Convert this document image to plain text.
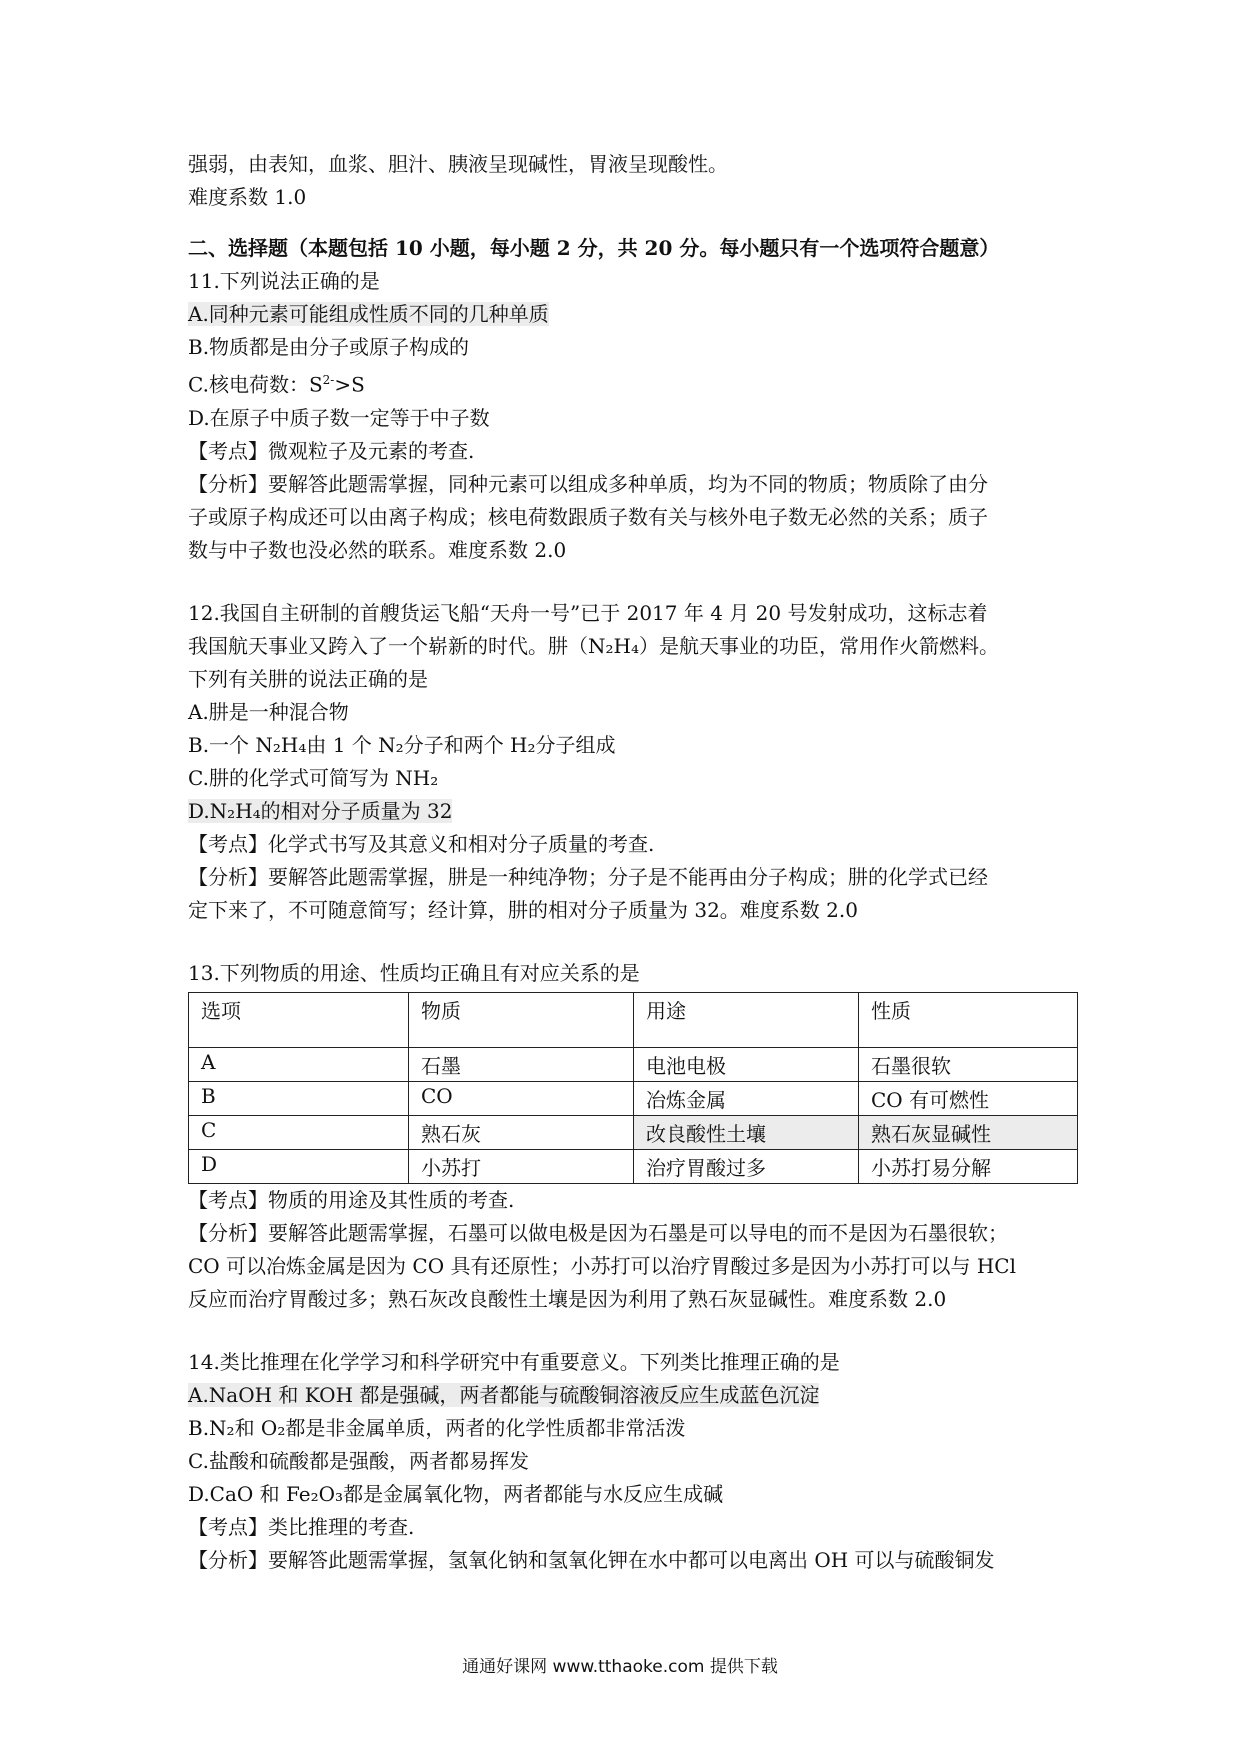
强弱，由表知，血浆、胆汁、胰液呈现碱性，胃液呈现酸性。
难度系数 1.0
二、选择题（本题包括 10 小题，每小题 2 分，共 20 分。每小题只有一个选项符合题意）
11.下列说法正确的是
A.同种元素可能组成性质不同的几种单质
B.物质都是由分子或原子构成的
C.核电荷数：$S^{2-}>S$
D.在原子中质子数一定等于中子数
【考点】微观粒子及元素的考查.
【分析】要解答此题需掌握，同种元素可以组成多种单质，均为不同的物质；物质除了由分
子或原子构成还可以由离子构成；核电荷数跟质子数有关与核外电子数无必然的关系；质子
数与中子数也没必然的联系。难度系数 2.0
12.我国自主研制的首艘货运飞船“天舟一号”已于 2017 年 4 月 20 号发射成功，这标志着
我国航天事业又跨入了一个崭新的时代。肼（N₂H₄）是航天事业的功臣，常用作火箭燃料。
下列有关肼的说法正确的是
A.肼是一种混合物
B.一个 N₂H₄由 1 个 N₂分子和两个 H₂分子组成
C.肼的化学式可简写为 NH₂
D.N₂H₄的相对分子质量为 32
【考点】化学式书写及其意义和相对分子质量的考查.
【分析】要解答此题需掌握，肼是一种纯净物；分子是不能再由分子构成；肼的化学式已经
定下来了，不可随意简写；经计算，肼的相对分子质量为 32。难度系数 2.0
13.下列物质的用途、性质均正确且有对应关系的是
选项	物质	用途	性质
A	石墨	电池电极	石墨很软
B	CO	冶炼金属	CO 有可燃性
C	熟石灰	改良酸性土壤	熟石灰显碱性
D	小苏打	治疗胃酸过多	小苏打易分解
【考点】物质的用途及其性质的考查.
【分析】要解答此题需掌握，石墨可以做电极是因为石墨是可以导电的而不是因为石墨很软；
CO 可以冶炼金属是因为 CO 具有还原性；小苏打可以治疗胃酸过多是因为小苏打可以与 HCl
反应而治疗胃酸过多；熟石灰改良酸性土壤是因为利用了熟石灰显碱性。难度系数 2.0
14.类比推理在化学学习和科学研究中有重要意义。下列类比推理正确的是
A.NaOH 和 KOH 都是强碱，两者都能与硫酸铜溶液反应生成蓝色沉淀
B.N₂和 O₂都是非金属单质，两者的化学性质都非常活泼
C.盐酸和硫酸都是强酸，两者都易挥发
D.CaO 和 Fe₂O₃都是金属氧化物，两者都能与水反应生成碱
【考点】类比推理的考查.
【分析】要解答此题需掌握，氢氧化钠和氢氧化钾在水中都可以电离出 OH 可以与硫酸铜发
通通好课网 www.tthaoke.com 提供下载
